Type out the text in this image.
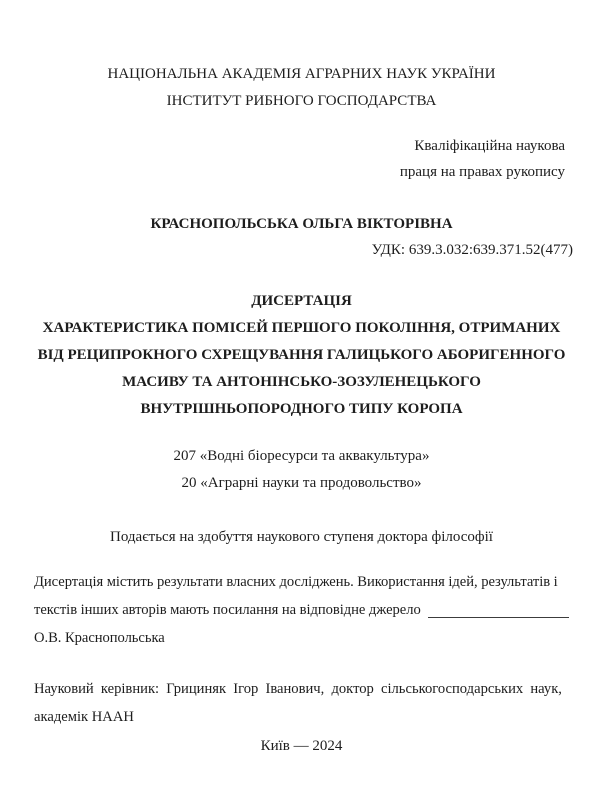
НАЦІОНАЛЬНА АКАДЕМІЯ АГРАРНИХ НАУК УКРАЇНИ
ІНСТИТУТ РИБНОГО ГОСПОДАРСТВА
Кваліфікаційна наукова
праця на правах рукопису
КРАСНОПОЛЬСЬКА ОЛЬГА ВІКТОРІВНА
УДК: 639.3.032:639.371.52(477)
ДИСЕРТАЦІЯ
ХАРАКТЕРИСТИКА ПОМІСЕЙ ПЕРШОГО ПОКОЛІННЯ, ОТРИМАНИХ
ВІД РЕЦИПРОКНОГО СХРЕЩУВАННЯ ГАЛИЦЬКОГО АБОРИГЕННОГО
МАСИВУ ТА АНТОНІНСЬКО-ЗОЗУЛЕНЕЦЬКОГО
ВНУТРІШНЬОПОРОДНОГО ТИПУ КОРОПА
207 «Водні біоресурси та аквакультура»
20 «Аграрні науки та продовольство»
Подається на здобуття наукового ступеня доктора філософії
Дисертація містить результати власних досліджень. Використання ідей, результатів і
текстів інших авторів мають посилання на відповідне джерело
О.В. Краснопольська
Науковий керівник: Грициняк Ігор Іванович, доктор сільськогосподарських наук,
академік НААН
Київ — 2024
